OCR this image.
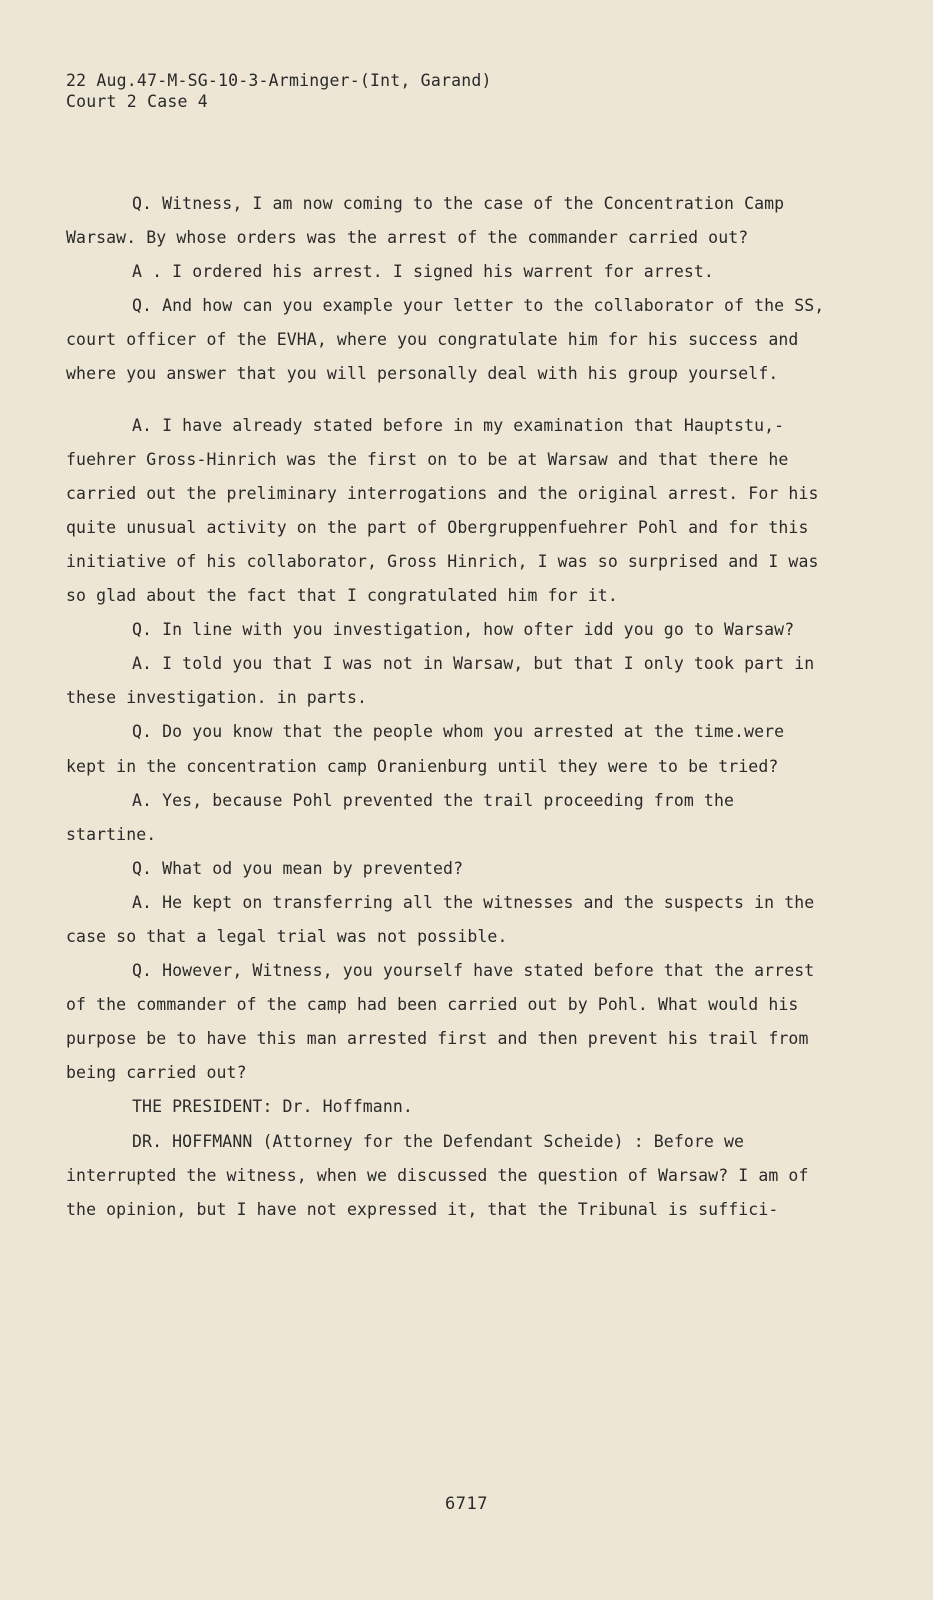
22 Aug.47-M-SG-10-3-Arminger-(Int, Garand)
Court 2 Case 4

Q. Witness, I am now coming to the case of the Concentration Camp Warsaw. By whose orders was the arrest of the commander carried out?

A . I ordered his arrest. I signed his warrent for arrest.

Q. And how can you example your letter to the collaborator of the SS, court officer of the EVHA, where you congratulate him for his success and where you answer that you will personally deal with his group yourself.

A. I have already stated before in my examination that Hauptstu,-fuehrer Gross-Hinrich was the first on to be at Warsaw and that there he carried out the preliminary interrogations and the original arrest. For his quite unusual activity on the part of Obergruppenfuehrer Pohl and for this initiative of his collaborator, Gross Hinrich, I was so surprised and I was so glad about the fact that I congratulated him for it.

Q. In line with you investigation, how ofter idd you go to Warsaw?

A. I told you that I was not in Warsaw, but that I only took part in these investigation. in parts.

Q. Do you know that the people whom you arrested at the time.were kept in the concentration camp Oranienburg until they were to be tried?

A. Yes, because Pohl prevented the trail proceeding from the startine.

Q. What od you mean by prevented?

A. He kept on transferring all the witnesses and the suspects in the case so that a legal trial was not possible.

Q. However, Witness, you yourself have stated before that the arrest of the commander of the camp had been carried out by Pohl. What would his purpose be to have this man arrested first and then prevent his trail from being carried out?

THE PRESIDENT: Dr. Hoffmann.

DR. HOFFMANN (Attorney for the Defendant Scheide) : Before we interrupted the witness, when we discussed the question of Warsaw? I am of the opinion, but I have not expressed it, that the Tribunal is suffici-

6717
